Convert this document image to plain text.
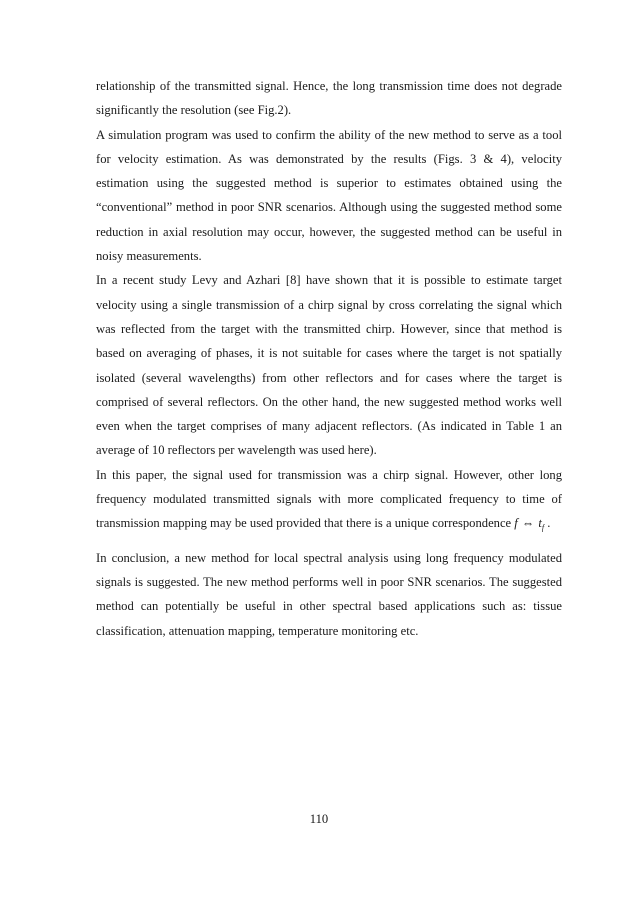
relationship of the transmitted signal. Hence, the long transmission time does not degrade significantly the resolution (see Fig.2).

A simulation program was used to confirm the ability of the new method to serve as a tool for velocity estimation. As was demonstrated by the results (Figs. 3 & 4), velocity estimation using the suggested method is superior to estimates obtained using the “conventional” method in poor SNR scenarios. Although using the suggested method some reduction in axial resolution may occur, however, the suggested method can be useful in noisy measurements.

In a recent study Levy and Azhari [8] have shown that it is possible to estimate target velocity using a single transmission of a chirp signal by cross correlating the signal which was reflected from the target with the transmitted chirp. However, since that method is based on averaging of phases, it is not suitable for cases where the target is not spatially isolated (several wavelengths) from other reflectors and for cases where the target is comprised of several reflectors. On the other hand, the new suggested method works well even when the target comprises of many adjacent reflectors. (As indicated in Table 1 an average of 10 reflectors per wavelength was used here).

In this paper, the signal used for transmission was a chirp signal. However, other long frequency modulated transmitted signals with more complicated frequency to time of transmission mapping may be used provided that there is a unique correspondence f ⇔ $t_f$ .

In conclusion, a new method for local spectral analysis using long frequency modulated signals is suggested. The new method performs well in poor SNR scenarios. The suggested method can potentially be useful in other spectral based applications such as: tissue classification, attenuation mapping, temperature monitoring etc.

110
